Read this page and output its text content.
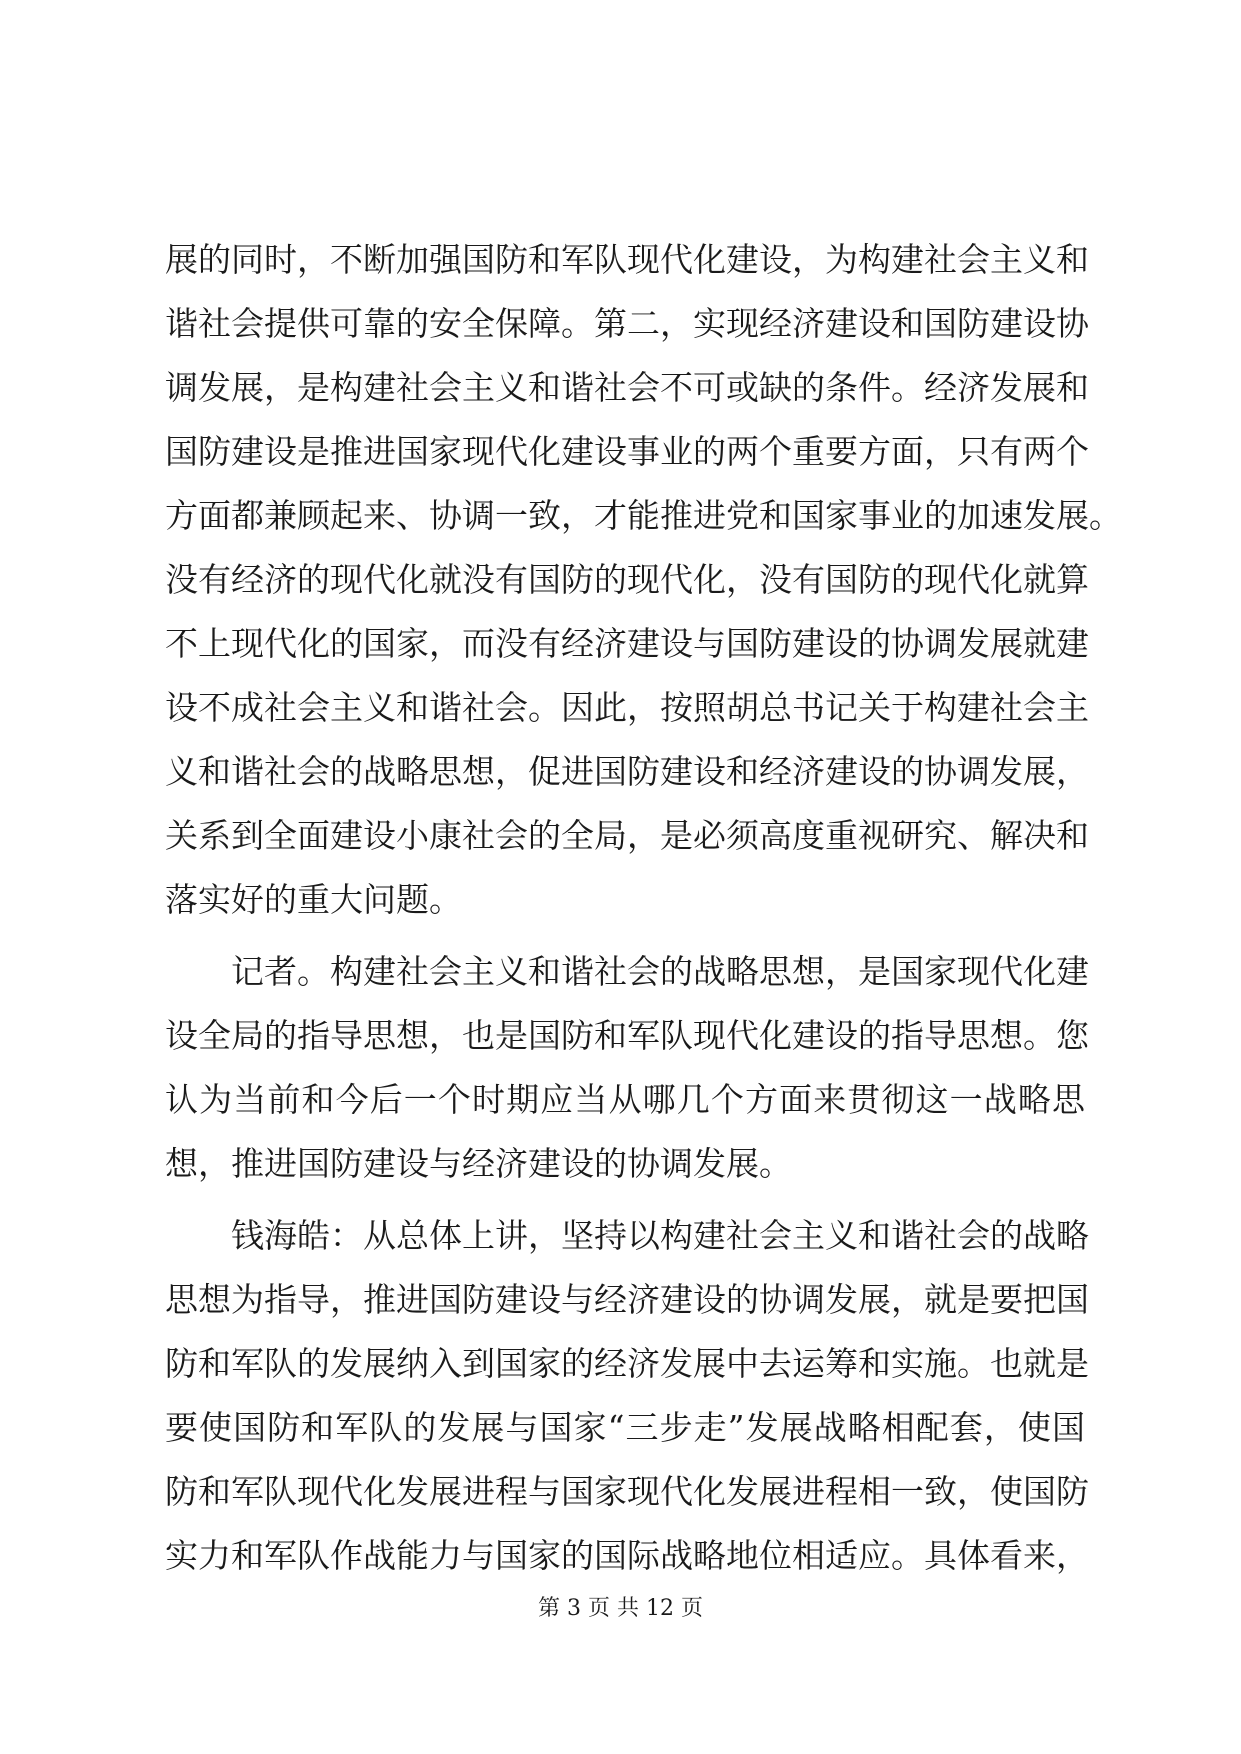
展的同时，不断加强国防和军队现代化建设，为构建社会主义和
谐社会提供可靠的安全保障。第二，实现经济建设和国防建设协
调发展，是构建社会主义和谐社会不可或缺的条件。经济发展和
国防建设是推进国家现代化建设事业的两个重要方面，只有两个
方面都兼顾起来、协调一致，才能推进党和国家事业的加速发展。
没有经济的现代化就没有国防的现代化，没有国防的现代化就算
不上现代化的国家，而没有经济建设与国防建设的协调发展就建
设不成社会主义和谐社会。因此，按照胡总书记关于构建社会主
义和谐社会的战略思想，促进国防建设和经济建设的协调发展，
关系到全面建设小康社会的全局，是必须高度重视研究、解决和
落实好的重大问题。
记者。构建社会主义和谐社会的战略思想，是国家现代化建
设全局的指导思想，也是国防和军队现代化建设的指导思想。您
认为当前和今后一个时期应当从哪几个方面来贯彻这一战略思
想，推进国防建设与经济建设的协调发展。
钱海皓：从总体上讲，坚持以构建社会主义和谐社会的战略
思想为指导，推进国防建设与经济建设的协调发展，就是要把国
防和军队的发展纳入到国家的经济发展中去运筹和实施。也就是
要使国防和军队的发展与国家“三步走”发展战略相配套，使国
防和军队现代化发展进程与国家现代化发展进程相一致，使国防
实力和军队作战能力与国家的国际战略地位相适应。具体看来，
第 3 页 共 12 页
